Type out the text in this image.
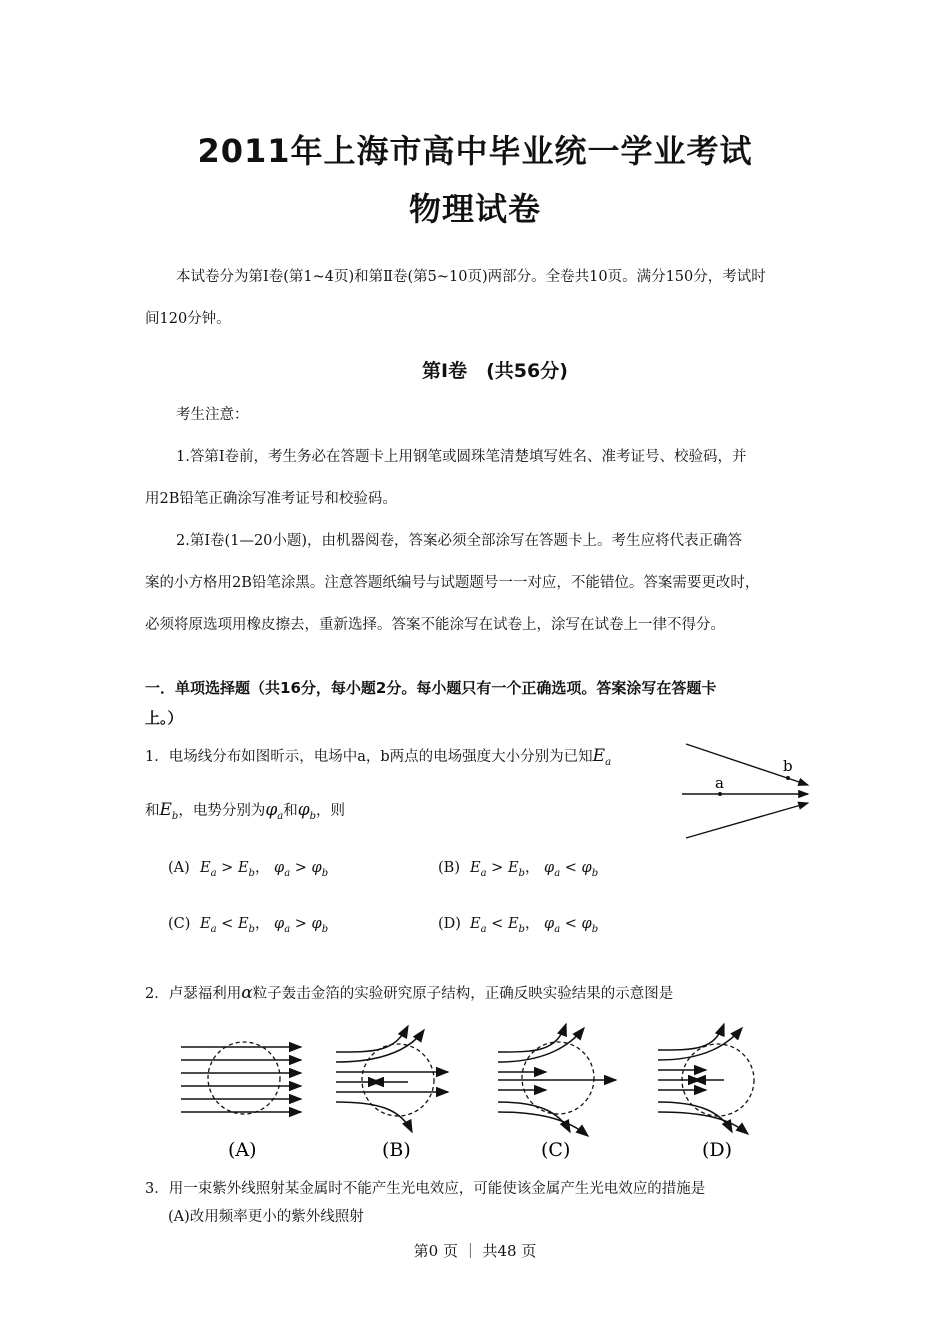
2011年上海市高中毕业统一学业考试
物理试卷
本试卷分为第Ⅰ卷(第1~4页)和第Ⅱ卷(第5~10页)两部分。全卷共10页。满分150分，考试时
间120分钟。
第Ⅰ卷　(共56分)
考生注意：
1.答第Ⅰ卷前，考生务必在答题卡上用钢笔或圆珠笔清楚填写姓名、准考证号、校验码，并
用2B铅笔正确涂写准考证号和校验码。
2.第Ⅰ卷(1—20小题)，由机器阅卷，答案必须全部涂写在答题卡上。考生应将代表正确答
案的小方格用2B铅笔涂黑。注意答题纸编号与试题题号一一对应，不能错位。答案需要更改时，
必须将原选项用橡皮擦去，重新选择。答案不能涂写在试卷上，涂写在试卷上一律不得分。
一．单项选择题（共16分，每小题2分。每小题只有一个正确选项。答案涂写在答题卡
上。）
1．电场线分布如图昕示，电场中a，b两点的电场强度大小分别为已知$E_a$
和$E_b$，电势分别为$\varphi_a$和$\varphi_b$，则
a
b
(A) $E_a > E_b$， $\varphi_a > \varphi_b$	(B) $E_a > E_b$， $\varphi_a < \varphi_b$
(C) $E_a < E_b$， $\varphi_a > \varphi_b$	(D) $E_a < E_b$， $\varphi_a < \varphi_b$
2．卢瑟福利用α粒子轰击金箔的实验研究原子结构，正确反映实验结果的示意图是
(A)	(B)	(C)	(D)
3．用一束紫外线照射某金属时不能产生光电效应，可能使该金属产生光电效应的措施是
(A)改用频率更小的紫外线照射
第0 页 ｜ 共48 页
